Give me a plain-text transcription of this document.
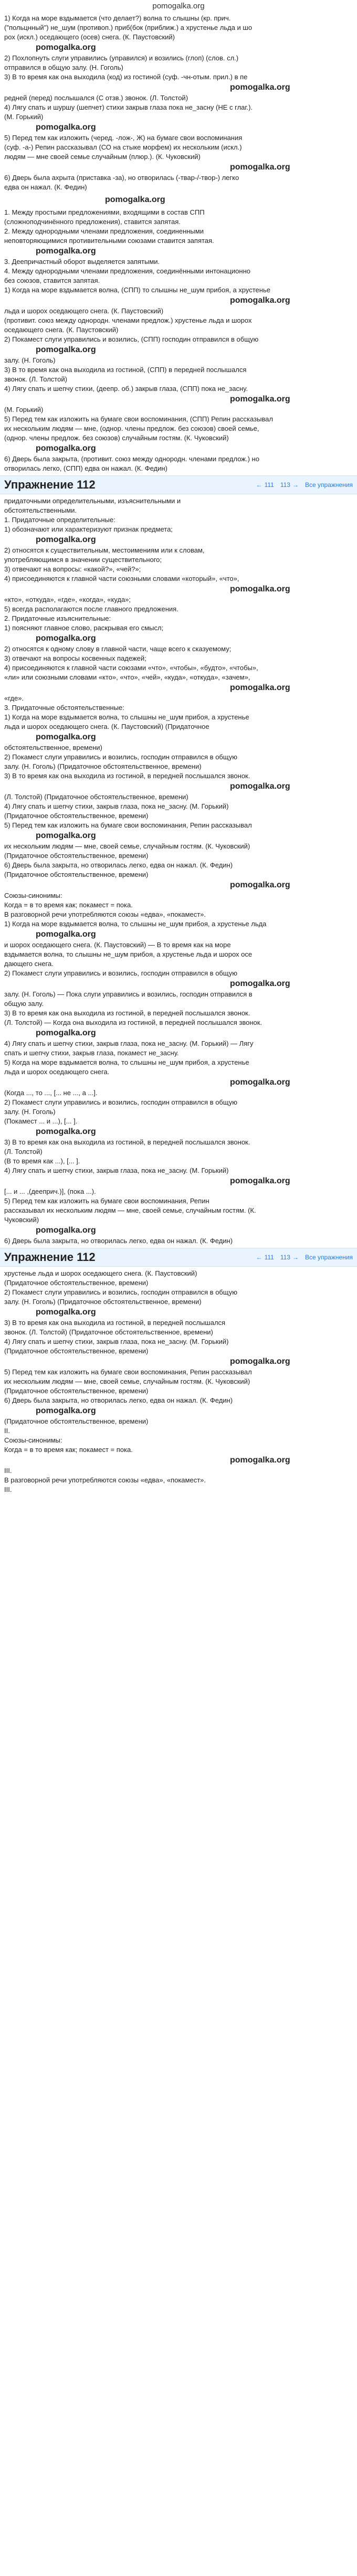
pomogalka.org

1) Когда на море вздымается (что делает?) волна то слышны (кр. прич.

("польцнный") не_шум (противоп.) приб(бок (приближ.) а хрустенье льда и шо

рох (искл.) оседающего (осев) снега. (К. Паустовский)

pomogalka.org

2) Похлопнуть слуги управились (управился) и возились (глоп) (слов. сл.)

отправился в общую залу. (Н. Гоголь)

3) В то время как она выходила (код) из гостиной (суф. -чн-отым. прил.) в пе

pomogalka.org

редней (перед) послышался (С отзв.) звонок. (Л. Толстой)

4) Лягу спать и шуршу (шепчет) стихи закрыв глаза пока не_засну (НЕ с глаг.).

(М. Горький)

pomogalka.org

5) Перед тем как изложить (черед. -лож-, Ж) на бумаге свои воспоминания

(суф. -а-) Репин рассказывал (СО на стыке морфем) их нескольким (искл.)

людям — мне своей семье случайным (плюр.). (К. Чуковский)

pomogalka.org

6) Дверь была ахрыта (приставка -за), но отворилась (-твар-/-твор-) легко

едва он нажал. (К. Федин)

pomogalka.org

1. Между простыми предложениями, входящими в состав СПП

(сложноподчинённого предложения), ставится запятая.

2. Между однородными членами предложения, соединенными

неповторяющимися противительными союзами ставится запятая.

pomogalka.org

3. Деепричастный оборот выделяется запятыми.

4. Между однородными членами предложения, соединёнными интонационно

без союзов, ставится запятая.

1) Когда на море вздымается волна, (СПП) то слышны не_шум прибоя, а хрустенье

pomogalka.org

льда и шорох оседающего снега. (К. Паустовский)

(противит. союз между однородн. членами предлож.) хрустенье льда и шорох

оседающего снега. (К. Паустовский)

2) Покамест слуги управились и возились, (СПП) господин отправился в общую

pomogalka.org

залу. (Н. Гоголь)

3) В то время как она выходила из гостиной, (СПП) в передней послышался

звонок. (Л. Толстой)

4) Лягу спать и шепчу стихи, (деепр. об.) закрыв глаза, (СПП) пока не_засну.

pomogalka.org

(М. Горький)

5) Перед тем как изложить на бумаге свои воспоминания, (СПП) Репин рассказывал

их нескольким людям — мне, (однор. члены предлож. без союзов) своей семье,

(однор. члены предлож. без союзов) случайным гостям. (К. Чуковский)

pomogalka.org

6) Дверь была закрыта, (противит. союз между однородн. членами предлож.) но

отворилась легко, (СПП) едва он нажал. (К. Федин)

Упражнение 112	← 111 113 → Все упражнения

придаточными определительными, изъяснительными и

обстоятельственными.

1. Придаточные определительные:

1) обозначают или характеризуют признак предмета;

pomogalka.org

2) относятся к существительным, местоимениям или к словам,

употребляющимся в значении существительного;

3) отвечают на вопросы: «какой?», «чей?»;

4) присоединяются к главной части союзными словами «который», «что»,

pomogalka.org

«кто», «откуда», «где», «когда», «куда»;

5) всегда располагаются после главного предложения.

2. Придаточные изъяснительные:

1) поясняют главное слово, раскрывая его смысл;

pomogalka.org

2) относятся к одному слову в главной части, чаще всего к сказуемому;

3) отвечают на вопросы косвенных падежей;

4) присоединяются к главной части союзами «что», «чтобы», «будто», «чтобы»,

«ли» или союзными словами «кто», «что», «чей», «куда», «откуда», «зачем»,

pomogalka.org

«где».

3. Придаточные обстоятельственные:

1) Когда на море вздымается волна, то слышны не_шум прибоя, а хрустенье

льда и шорох оседающего снега. (К. Паустовский) (Придаточное

pomogalka.org

обстоятельственное, времени)

2) Покамест слуги управились и возились, господин отправился в общую

залу. (Н. Гоголь) (Придаточное обстоятельственное, времени)

3) В то время как она выходила из гостиной, в передней послышался звонок.

pomogalka.org

(Л. Толстой) (Придаточное обстоятельственное, времени)

4) Лягу спать и шепчу стихи, закрыв глаза, пока не_засну. (М. Горький)

(Придаточное обстоятельственное, времени)

5) Перед тем как изложить на бумаге свои воспоминания, Репин рассказывал

pomogalka.org

их нескольким людям — мне, своей семье, случайным гостям. (К. Чуковский)

(Придаточное обстоятельственное, времени)

6) Дверь была закрыта, но отворилась легко, едва он нажал. (К. Федин)

(Придаточное обстоятельственное, времени)

pomogalka.org

Союзы-синонимы:

Когда = в то время как; покамест = пока.

В разговорной речи употребляются союзы «едва», «покамест».

1) Когда на море вздымается волна, то слышны не_шум прибоя, а хрустенье льда

pomogalka.org

и шорох оседающего снега. (К. Паустовский) — В то время как на море

вздымается волна, то слышны не_шум прибоя, а хрустенье льда и шорох осе

дающего снега.

2) Покамест слуги управились и возились, господин отправился в общую

pomogalka.org

залу. (Н. Гоголь) — Пока слуги управились и возились, господин отправился в

общую залу.

3) В то время как она выходила из гостиной, в передней послышался звонок.

(Л. Толстой) — Когда она выходила из гостиной, в передней послышался звонок.

pomogalka.org

4) Лягу спать и шепчу стихи, закрыв глаза, пока не_засну. (М. Горький) — Лягу

спать и шепчу стихи, закрыв глаза, покамест не_засну.

5) Когда на море вздымается волна, то слышны не_шум прибоя, а хрустенье

льда и шорох оседающего снега.

pomogalka.org

(Когда ..., то ..., [... не ..., а ...].

2) Покамест слуги управились и возились, господин отправился в общую

залу. (Н. Гоголь)

(Покамест ... и ...), [... ].

pomogalka.org

3) В то время как она выходила из гостиной, в передней послышался звонок.

(Л. Толстой)

(В то время как ...), [... ].

4) Лягу спать и шепчу стихи, закрыв глаза, пока не_засну. (М. Горький)

pomogalka.org

[... и ... ,(дееприч.)], (пока ...).

5) Перед тем как изложить на бумаге свои воспоминания, Репин

рассказывал их нескольким людям — мне, своей семье, случайным гостям. (К.

Чуковский)

pomogalka.org

6) Дверь была закрыта, но отворилась легко, едва он нажал. (К. Федин)

Упражнение 112	← 111 113 → Все упражнения

хрустенье льда и шорох оседающего снега. (К. Паустовский)

(Придаточное обстоятельственное, времени)

2) Покамест слуги управились и возились, господин отправился в общую

залу. (Н. Гоголь) (Придаточное обстоятельственное, времени)

pomogalka.org

3) В то время как она выходила из гостиной, в передней послышался

звонок. (Л. Толстой) (Придаточное обстоятельственное, времени)

4) Лягу спать и шепчу стихи, закрыв глаза, пока не_засну. (М. Горький)

(Придаточное обстоятельственное, времени)

pomogalka.org

5) Перед тем как изложить на бумаге свои воспоминания, Репин рассказывал

их нескольким людям — мне, своей семье, случайным гостям. (К. Чуковский)

(Придаточное обстоятельственное, времени)

6) Дверь была закрыта, но отворилась легко, едва он нажал. (К. Федин)

pomogalka.org

(Придаточное обстоятельственное, времени)

II.

Союзы-синонимы:

Когда = в то время как; покамест = пока.

pomogalka.org

III.

В разговорной речи употребляются союзы «едва», «покамест».

III.
